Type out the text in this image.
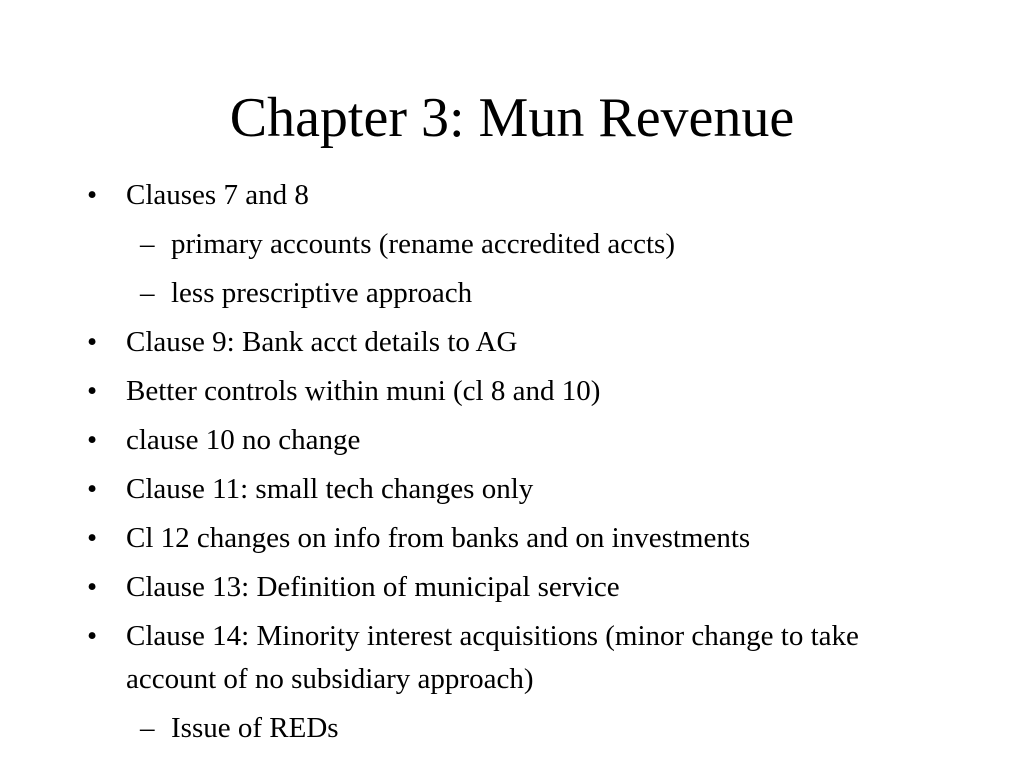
Chapter 3: Mun Revenue
• Clauses 7 and 8
– primary accounts (rename accredited accts)
– less prescriptive approach
• Clause 9: Bank acct details to AG
• Better controls within muni (cl 8 and 10)
• clause 10 no change
• Clause 11: small tech changes only
• Cl 12 changes on info from banks and on investments
• Clause 13: Definition of municipal service
• Clause 14: Minority interest acquisitions (minor change to take account of no subsidiary approach)
– Issue of REDs
